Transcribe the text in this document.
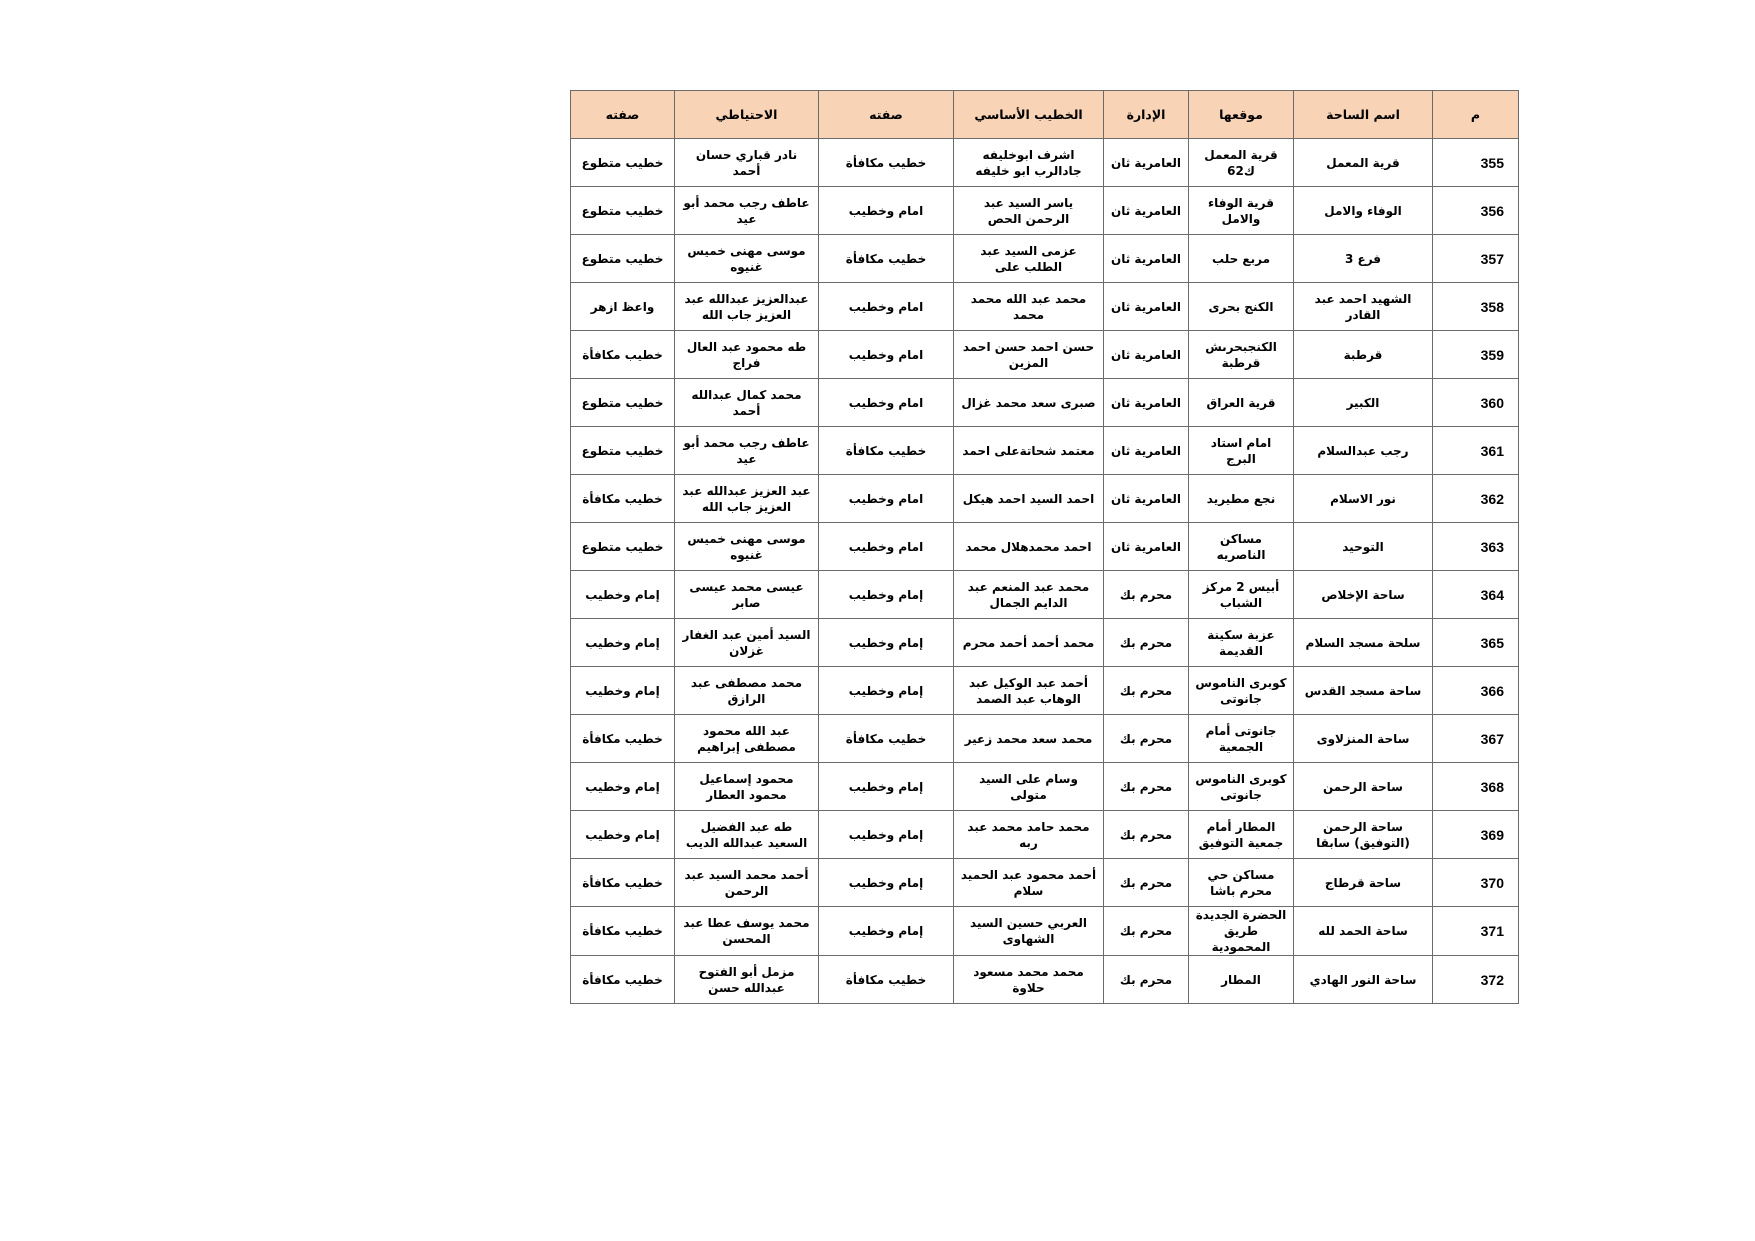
م	اسم الساحة	موقعها	الإدارة	الخطيب الأساسي	صفته	الاحتياطي	صفته

355	قرية المعمل	قرية المعمل ك62	العامرية ثان	اشرف ابوخليفه جادالرب ابو خليفه	خطيب مكافأة	نادر قباري حسان أحمد	خطيب متطوع

356	الوفاء والامل	قرية الوفاء والامل	العامرية ثان	ياسر السيد عبد الرحمن الحص	امام وخطيب	عاطف رجب محمد أبو عيد	خطيب متطوع

357	فرع 3	مربع حلب	العامرية ثان	عزمى السيد عبد الطلب على	خطيب مكافأة	موسى مهنى خميس غنيوه	خطيب متطوع

358	الشهيد احمد عبد القادر	الكنج بحرى	العامرية ثان	محمد عبد الله محمد محمد	امام وخطيب	عبدالعزيز عبدالله عبد العزيز جاب الله	واعظ ازهر

359	قرطبة	الكنجبحرىش قرطبة	العامرية ثان	حسن احمد حسن احمد المزين	امام وخطيب	طه محمود عبد العال فراج	خطيب مكافأة

360	الكبير	قرية العراق	العامرية ثان	صبرى سعد محمد غزال	امام وخطيب	محمد كمال عبدالله أحمد	خطيب متطوع

361	رجب عبدالسلام	امام استاد البرج	العامرية ثان	معتمد شحاتةعلى احمد	خطيب مكافأة	عاطف رجب محمد أبو عيد	خطيب متطوع

362	نور الاسلام	نجع مطيريد	العامرية ثان	احمد السيد احمد هيكل	امام وخطيب	عبد العزيز عبدالله عبد العزيز جاب الله	خطيب مكافأة

363	التوحيد	مساكن الناصريه	العامرية ثان	احمد محمدهلال محمد	امام وخطيب	موسى مهنى خميس غنيوه	خطيب متطوع

364	ساحة الإخلاص	أبيس 2 مركز الشباب	محرم بك	محمد عبد المنعم عبد الدايم الجمال	إمام وخطيب	عيسى محمد عيسى صابر	إمام وخطيب

365	سلحة مسجد السلام	عزبة سكينة القديمة	محرم بك	محمد أحمد أحمد محرم	إمام وخطيب	السيد أمين عبد الغفار غزلان	إمام وخطيب

366	ساحة مسجد القدس	كوبرى الناموس جانوتى	محرم بك	أحمد عبد الوكيل عبد الوهاب عبد الصمد	إمام وخطيب	محمد مصطفى عبد الرازق	إمام وخطيب

367	ساحة المنزلاوى	جانوتى أمام الجمعية	محرم بك	محمد سعد محمد زعير	خطيب مكافأة	عبد الله محمود مصطفى إبراهيم	خطيب مكافأة

368	ساحة الرحمن	كوبرى الناموس جانوتى	محرم بك	وسام على السيد متولى	إمام وخطيب	محمود إسماعيل محمود العطار	إمام وخطيب

369	ساحة الرحمن (التوفيق) سابقا	المطار أمام جمعية التوفيق	محرم بك	محمد حامد محمد عبد ربه	إمام وخطيب	طه عبد الفضيل السعيد عبدالله الديب	إمام وخطيب

370	ساحة قرطاج	مساكن حي محرم باشا	محرم بك	أحمد محمود عبد الحميد سلام	إمام وخطيب	أحمد محمد السيد عبد الرحمن	خطيب مكافأة

371	ساحة الحمد لله	الحضرة الجديدة طريق المحمودية	محرم بك	العربي حسين السيد الشهاوى	إمام وخطيب	محمد يوسف عطا عبد المحسن	خطيب مكافأة

372	ساحة النور الهادي	المطار	محرم بك	محمد محمد مسعود حلاوة	خطيب مكافأة	مزمل أبو الفتوح عبدالله حسن	خطيب مكافأة
